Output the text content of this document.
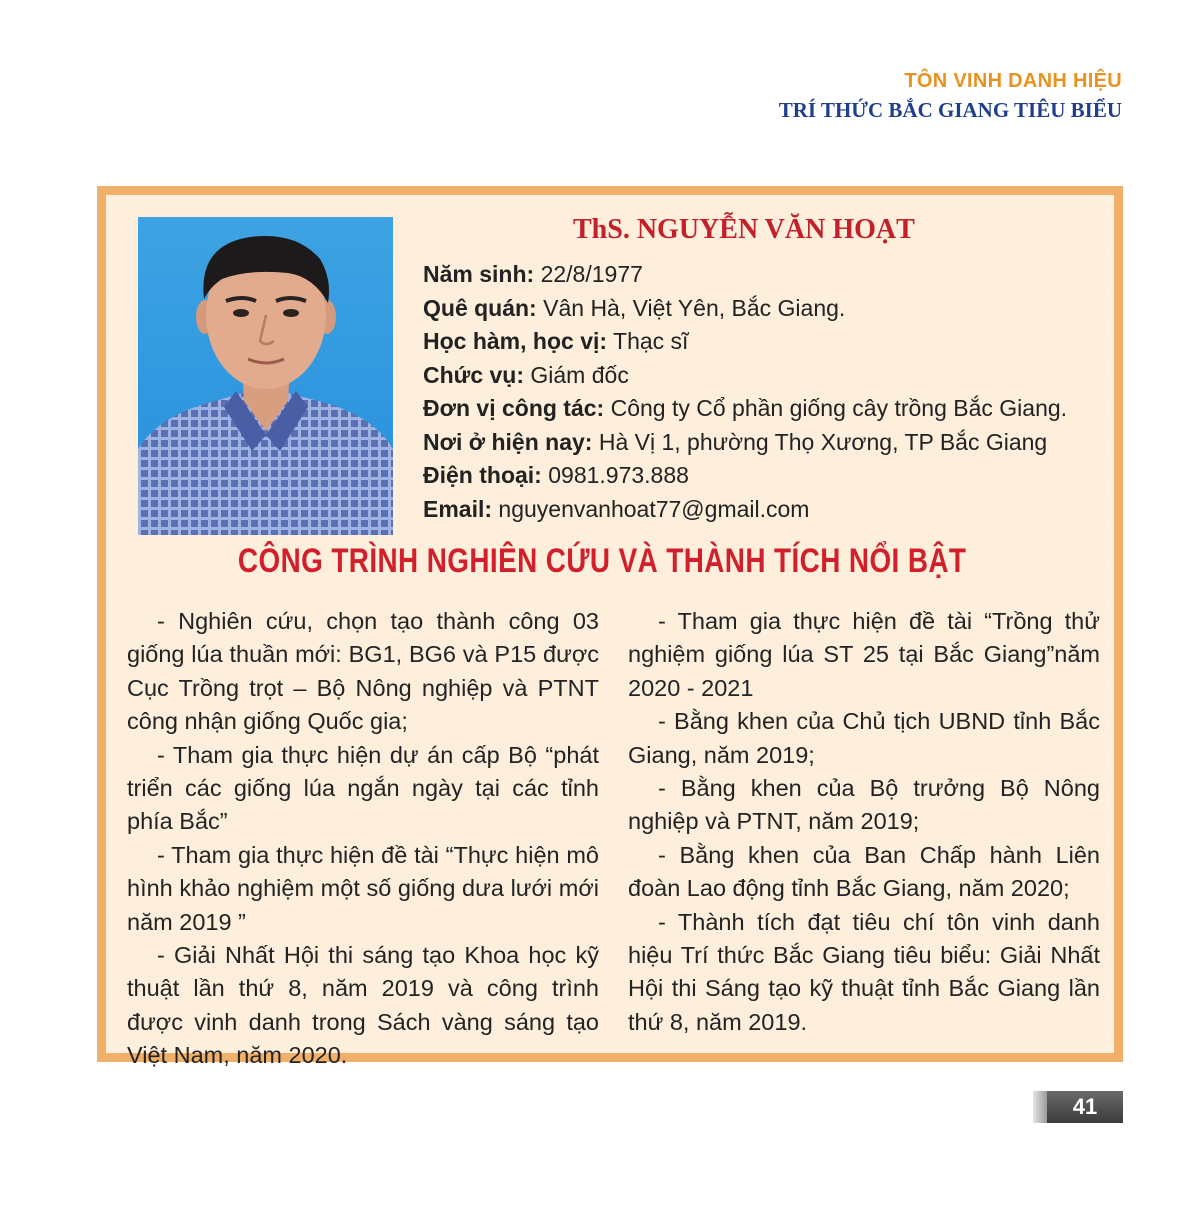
TÔN VINH DANH HIỆU
TRÍ THỨC BẮC GIANG TIÊU BIỂU
ThS. NGUYỄN VĂN HOẠT
Năm sinh: 22/8/1977
Quê quán: Vân Hà, Việt Yên, Bắc Giang.
Học hàm, học vị: Thạc sĩ
Chức vụ: Giám đốc
Đơn vị công tác: Công ty Cổ phần giống cây trồng Bắc Giang.
Nơi ở hiện nay: Hà Vị 1, phường Thọ Xương, TP Bắc Giang
Điện thoại: 0981.973.888
Email: nguyenvanhoat77@gmail.com
CÔNG TRÌNH NGHIÊN CỨU VÀ THÀNH TÍCH NỔI BẬT

- Nghiên cứu, chọn tạo thành công 03 giống lúa thuần mới: BG1, BG6 và P15 được Cục Trồng trọt – Bộ Nông nghiệp và PTNT công nhận giống Quốc gia;

- Tham gia thực hiện dự án cấp Bộ “phát triển các giống lúa ngắn ngày tại các tỉnh phía Bắc”

- Tham gia thực hiện đề tài “Thực hiện mô hình khảo nghiệm một số giống dưa lưới mới năm 2019 ”

- Giải Nhất Hội thi sáng tạo Khoa học kỹ thuật lần thứ 8, năm 2019 và công trình được vinh danh trong Sách vàng sáng tạo Việt Nam, năm 2020.

- Tham gia thực hiện đề tài “Trồng thử nghiệm giống lúa ST 25 tại Bắc Giang”năm 2020 - 2021

- Bằng khen của Chủ tịch UBND tỉnh Bắc Giang, năm 2019;

- Bằng khen của Bộ trưởng Bộ Nông nghiệp và PTNT, năm 2019;

- Bằng khen của Ban Chấp hành Liên đoàn Lao động tỉnh Bắc Giang, năm 2020;

- Thành tích đạt tiêu chí tôn vinh danh hiệu Trí thức Bắc Giang tiêu biểu: Giải Nhất Hội thi Sáng tạo kỹ thuật tỉnh Bắc Giang lần thứ 8, năm 2019.

41
